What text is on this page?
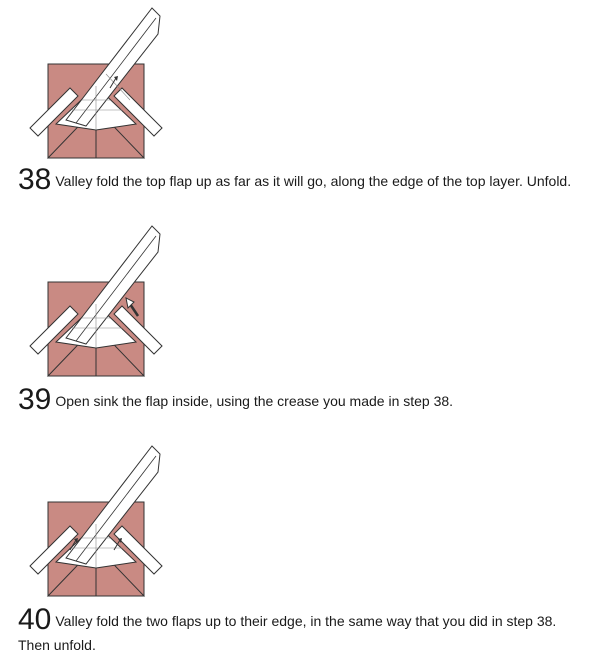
38 Valley fold the top flap up as far as it will go, along the edge of the top layer. Unfold.
39 Open sink the flap inside, using the crease you made in step 38.
40 Valley fold the two flaps up to their edge, in the same way that you did in step 38. Then unfold.
